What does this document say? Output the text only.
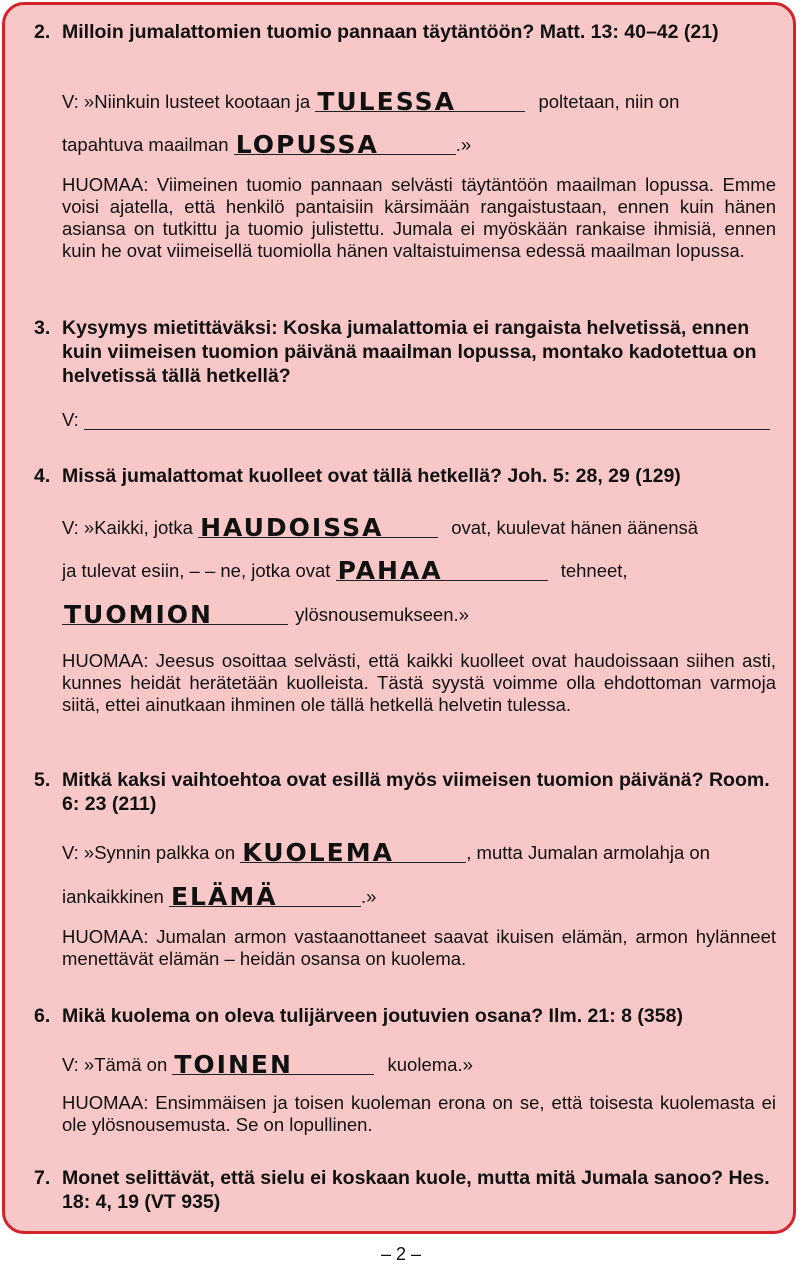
2. Milloin jumalattomien tuomio pannaan täytäntöön? Matt. 13: 40–42 (21)
V: »Niinkuin lusteet kootaan ja TULESSA	poltetaan, niin on
tapahtuva maailman LOPUSSA	.»
HUOMAA: Viimeinen tuomio pannaan selvästi täytäntöön maailman lopussa. Emme voisi ajatella, että henkilö pantaisiin kärsimään rangaistustaan, ennen kuin hänen asiansa on tutkittu ja tuomio julistettu. Jumala ei myöskään rankaise ihmisiä, ennen kuin he ovat viimeisellä tuomiolla hänen valtaistuimensa edessä maailman lopussa.
3. Kysymys mietittäväksi: Koska jumalattomia ei rangaista helvetissä, ennen kuin viimeisen tuomion päivänä maailman lopussa, montako kadotettua on helvetissä tällä hetkellä?
V:
4. Missä jumalattomat kuolleet ovat tällä hetkellä? Joh. 5: 28, 29 (129)
V: »Kaikki, jotka HAUDOISSA	ovat, kuulevat hänen äänensä
ja tulevat esiin, – – ne, jotka ovat PAHAA	tehneet,
TUOMION	ylösnousemukseen.»
HUOMAA: Jeesus osoittaa selvästi, että kaikki kuolleet ovat haudoissaan siihen asti, kunnes heidät herätetään kuolleista. Tästä syystä voimme olla ehdottoman varmoja siitä, ettei ainutkaan ihminen ole tällä hetkellä helvetin tulessa.
5. Mitkä kaksi vaihtoehtoa ovat esillä myös viimeisen tuomion päivänä? Room. 6: 23 (211)
V: »Synnin palkka on KUOLEMA	, mutta Jumalan armolahja on
iankaikkinen ELÄMÄ	.»
HUOMAA: Jumalan armon vastaanottaneet saavat ikuisen elämän, armon hylänneet menettävät elämän – heidän osansa on kuolema.
6. Mikä kuolema on oleva tulijärveen joutuvien osana? Ilm. 21: 8 (358)
V: »Tämä on TOINEN	kuolema.»
HUOMAA: Ensimmäisen ja toisen kuoleman erona on se, että toisesta kuolemasta ei ole ylösnousemusta. Se on lopullinen.
7. Monet selittävät, että sielu ei koskaan kuole, mutta mitä Jumala sanoo? Hes. 18: 4, 19 (VT 935)
– 2 –
